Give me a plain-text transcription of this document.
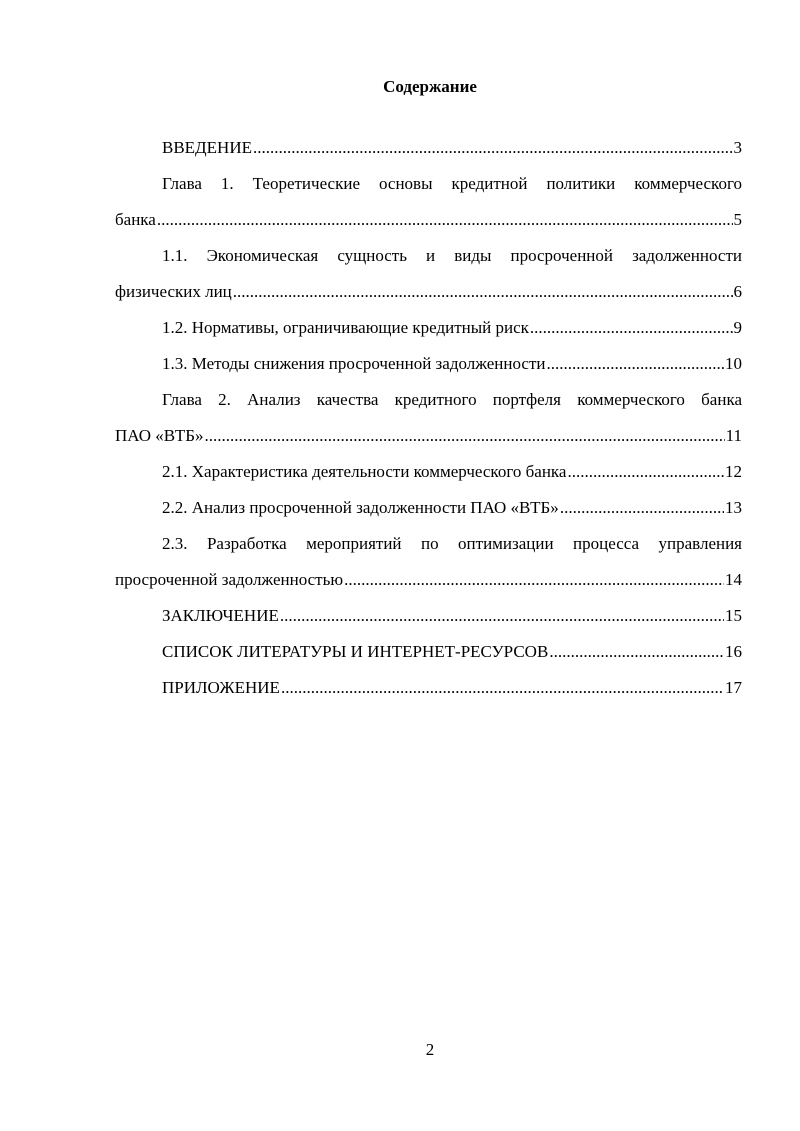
Содержание
ВВЕДЕНИЕ .....	3
Глава 1. Теоретические основы кредитной политики коммерческого
банка .....	5
1.1. Экономическая сущность и виды просроченной задолженности
физических лиц .....	6
1.2. Нормативы, ограничивающие кредитный риск .....	9
1.3. Методы снижения просроченной задолженности .....	10
Глава 2. Анализ качества кредитного портфеля коммерческого банка
ПАО «ВТБ» .....	11
2.1. Характеристика деятельности коммерческого банка .....	12
2.2. Анализ просроченной задолженности ПАО «ВТБ» .....	13
2.3. Разработка мероприятий по оптимизации процесса управления
просроченной задолженностью .....	14
ЗАКЛЮЧЕНИЕ .....	15
СПИСОК ЛИТЕРАТУРЫ И ИНТЕРНЕТ-РЕСУРСОВ .....	16
ПРИЛОЖЕНИЕ .....	17
2
